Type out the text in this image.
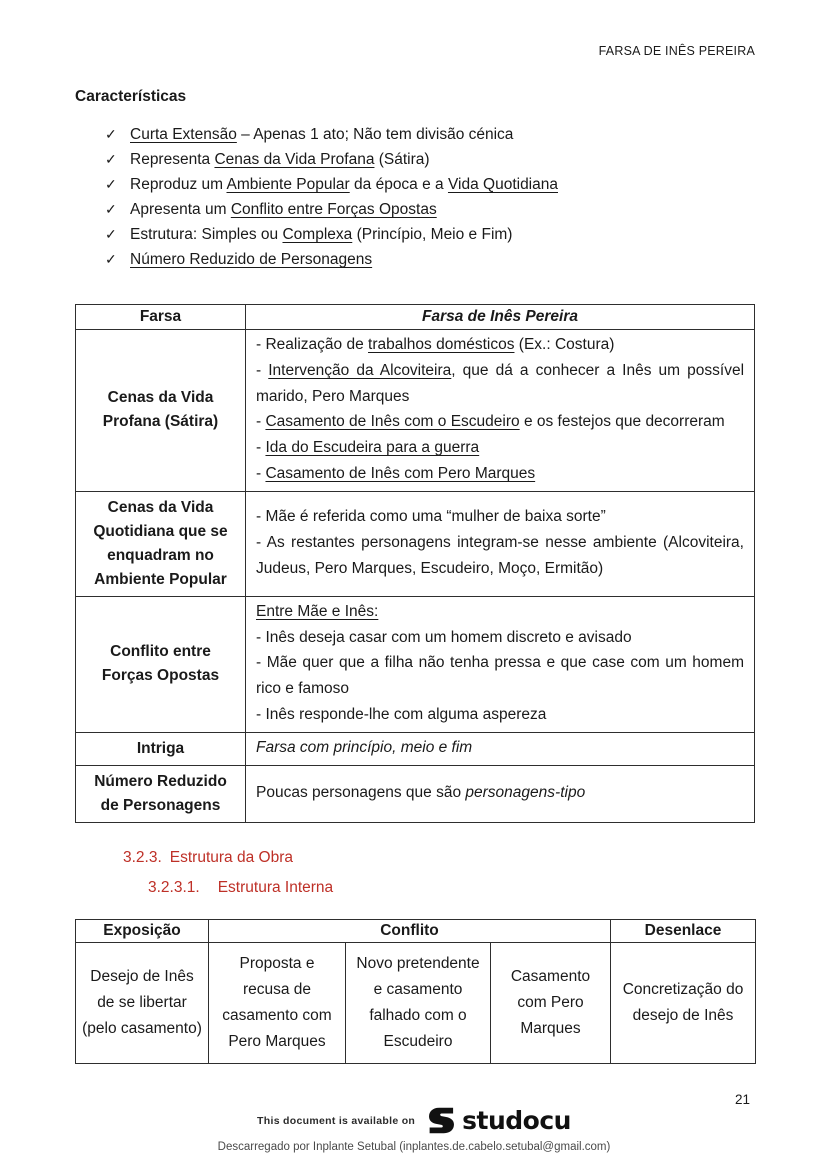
FARSA DE INÊS PEREIRA
Características
✓ Curta Extensão – Apenas 1 ato; Não tem divisão cénica
✓ Representa Cenas da Vida Profana (Sátira)
✓ Reproduz um Ambiente Popular da época e a Vida Quotidiana
✓ Apresenta um Conflito entre Forças Opostas
✓ Estrutura: Simples ou Complexa (Princípio, Meio e Fim)
✓ Número Reduzido de Personagens
Farsa	Farsa de Inês Pereira
Cenas da Vida Profana (Sátira)	- Realização de trabalhos domésticos (Ex.: Costura)

- Intervenção da Alcoviteira, que dá a conhecer a Inês um possível marido, Pero Marques

- Casamento de Inês com o Escudeiro e os festejos que decorreram

- Ida do Escudeira para a guerra

- Casamento de Inês com Pero Marques

Cenas da Vida Quotidiana que se enquadram no Ambiente Popular	- Mãe é referida como uma “mulher de baixa sorte”

- As restantes personagens integram-se nesse ambiente (Alcoviteira, Judeus, Pero Marques, Escudeiro, Moço, Ermitão)

Conflito entre Forças Opostas	Entre Mãe e Inês:

- Inês deseja casar com um homem discreto e avisado

- Mãe quer que a filha não tenha pressa e que case com um homem rico e famoso

- Inês responde-lhe com alguma aspereza

Intriga	Farsa com princípio, meio e fim

Número Reduzido de Personagens	Poucas personagens que são personagens-tipo

3.2.3. Estrutura da Obra

3.2.3.1. Estrutura Interna

Exposição	Conflito			Desenlace
Desejo de Inês de se libertar (pelo casamento)	Proposta e recusa de casamento com Pero Marques	Novo pretendente e casamento falhado com o Escudeiro	Casamento com Pero Marques	Concretização do desejo de Inês
21
This document is available on studocu
Descarregado por Inplante Setubal (inplantes.de.cabelo.setubal@gmail.com)
